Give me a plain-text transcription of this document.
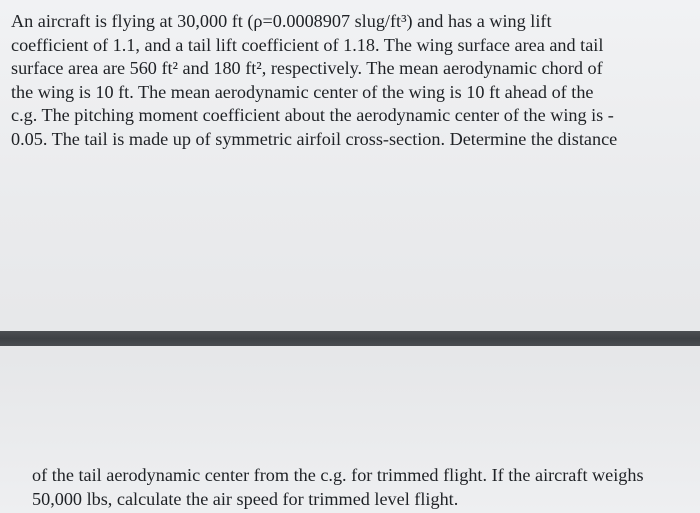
An aircraft is flying at 30,000 ft (ρ=0.0008907 slug/ft³) and has a wing lift
coefficient of 1.1, and a tail lift coefficient of 1.18. The wing surface area and tail
surface area are 560 ft² and 180 ft², respectively. The mean aerodynamic chord of
the wing is 10 ft. The mean aerodynamic center of the wing is 10 ft ahead of the
c.g. The pitching moment coefficient about the aerodynamic center of the wing is -
0.05. The tail is made up of symmetric airfoil cross-section. Determine the distance

of the tail aerodynamic center from the c.g. for trimmed flight. If the aircraft weighs
50,000 lbs, calculate the air speed for trimmed level flight.
